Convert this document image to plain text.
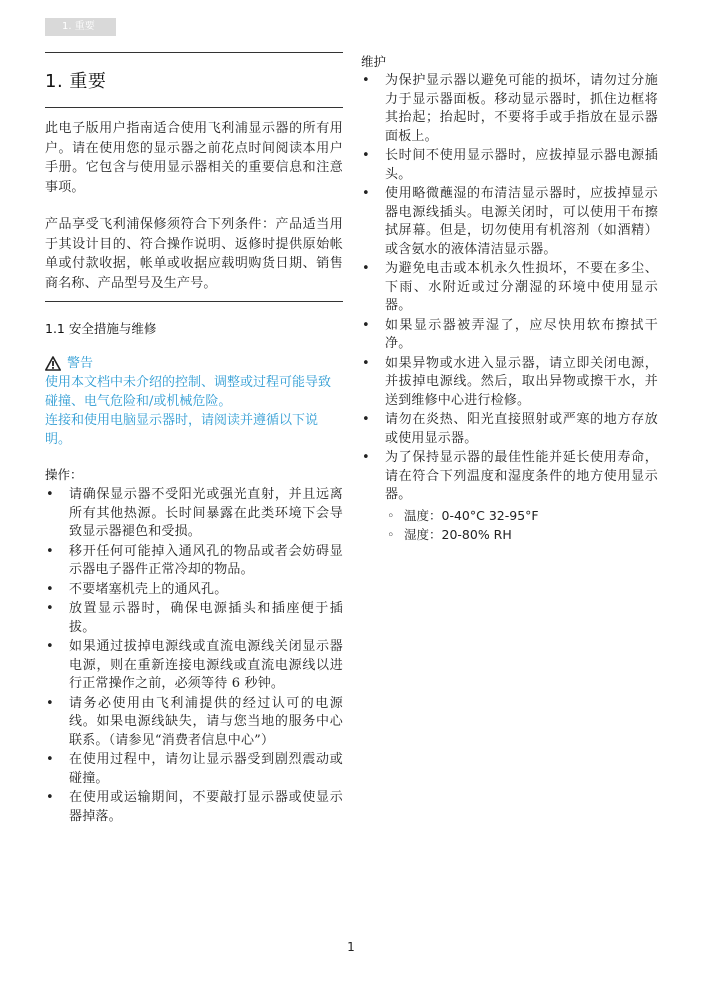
1. 重要
1. 重要

此电子版用户指南适合使用飞利浦显示器的所有用户。请在使用您的显示器之前花点时间阅读本用户手册。它包含与使用显示器相关的重要信息和注意事项。

产品享受飞利浦保修须符合下列条件：产品适当用于其设计目的、符合操作说明、返修时提供原始帐单或付款收据，帐单或收据应载明购货日期、销售商名称、产品型号及生产号。

1.1 安全措施与维修
警告
使用本文档中未介绍的控制、调整或过程可能导致碰撞、电气危险和/或机械危险。
连接和使用电脑显示器时，请阅读并遵循以下说明。
操作：
• 请确保显示器不受阳光或强光直射，并且远离所有其他热源。长时间暴露在此类环境下会导致显示器褪色和受损。
• 移开任何可能掉入通风孔的物品或者会妨碍显示器电子器件正常冷却的物品。
• 不要堵塞机壳上的通风孔。
• 放置显示器时，确保电源插头和插座便于插拔。
• 如果通过拔掉电源线或直流电源线关闭显示器电源，则在重新连接电源线或直流电源线以进行正常操作之前，必须等待 6 秒钟。
• 请务必使用由飞利浦提供的经过认可的电源线。如果电源线缺失，请与您当地的服务中心联系。（请参见“消费者信息中心”）
• 在使用过程中，请勿让显示器受到剧烈震动或碰撞。
• 在使用或运输期间，不要敲打显示器或使显示器掉落。
维护
• 为保护显示器以避免可能的损坏，请勿过分施力于显示器面板。移动显示器时，抓住边框将其抬起；抬起时，不要将手或手指放在显示器面板上。
• 长时间不使用显示器时，应拔掉显示器电源插头。
• 使用略微蘸湿的布清洁显示器时，应拔掉显示器电源线插头。电源关闭时，可以使用干布擦拭屏幕。但是，切勿使用有机溶剂（如酒精）或含氨水的液体清洁显示器。
• 为避免电击或本机永久性损坏，不要在多尘、下雨、水附近或过分潮湿的环境中使用显示器。
• 如果显示器被弄湿了，应尽快用软布擦拭干净。
• 如果异物或水进入显示器，请立即关闭电源，并拔掉电源线。然后，取出异物或擦干水，并送到维修中心进行检修。
• 请勿在炎热、阳光直接照射或严寒的地方存放或使用显示器。
• 为了保持显示器的最佳性能并延长使用寿命，请在符合下列温度和湿度条件的地方使用显示器。
◦ 温度：0-40°C 32-95°F
◦ 湿度：20-80% RH
1
